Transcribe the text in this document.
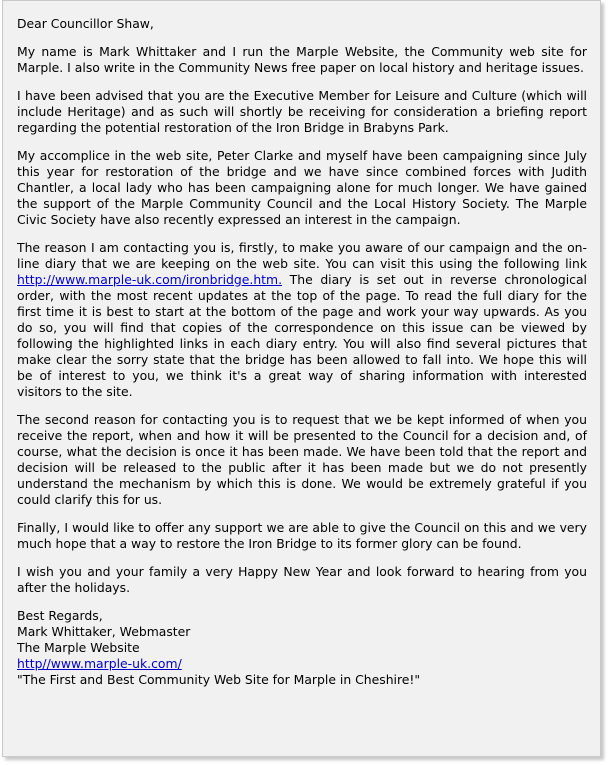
Dear Councillor Shaw,
My name is Mark Whittaker and I run the Marple Website, the Community web site for Marple. I also write in the Community News free paper on local history and heritage issues.
I have been advised that you are the Executive Member for Leisure and Culture (which will include Heritage) and as such will shortly be receiving for consideration a briefing report regarding the potential restoration of the Iron Bridge in Brabyns Park.
My accomplice in the web site, Peter Clarke and myself have been campaigning since July this year for restoration of the bridge and we have since combined forces with Judith Chantler, a local lady who has been campaigning alone for much longer. We have gained the support of the Marple Community Council and the Local History Society. The Marple Civic Society have also recently expressed an interest in the campaign.
The reason I am contacting you is, firstly, to make you aware of our campaign and the on-line diary that we are keeping on the web site. You can visit this using the following link http://www.marple-uk.com/ironbridge.htm. The diary is set out in reverse chronological order, with the most recent updates at the top of the page. To read the full diary for the first time it is best to start at the bottom of the page and work your way upwards. As you do so, you will find that copies of the correspondence on this issue can be viewed by following the highlighted links in each diary entry. You will also find several pictures that make clear the sorry state that the bridge has been allowed to fall into. We hope this will be of interest to you, we think it's a great way of sharing information with interested visitors to the site.
The second reason for contacting you is to request that we be kept informed of when you receive the report, when and how it will be presented to the Council for a decision and, of course, what the decision is once it has been made. We have been told that the report and decision will be released to the public after it has been made but we do not presently understand the mechanism by which this is done. We would be extremely grateful if you could clarify this for us.
Finally, I would like to offer any support we are able to give the Council on this and we very much hope that a way to restore the Iron Bridge to its former glory can be found.
I wish you and your family a very Happy New Year and look forward to hearing from you after the holidays.
Best Regards,
Mark Whittaker, Webmaster
The Marple Website
http//www.marple-uk.com/
"The First and Best Community Web Site for Marple in Cheshire!"
